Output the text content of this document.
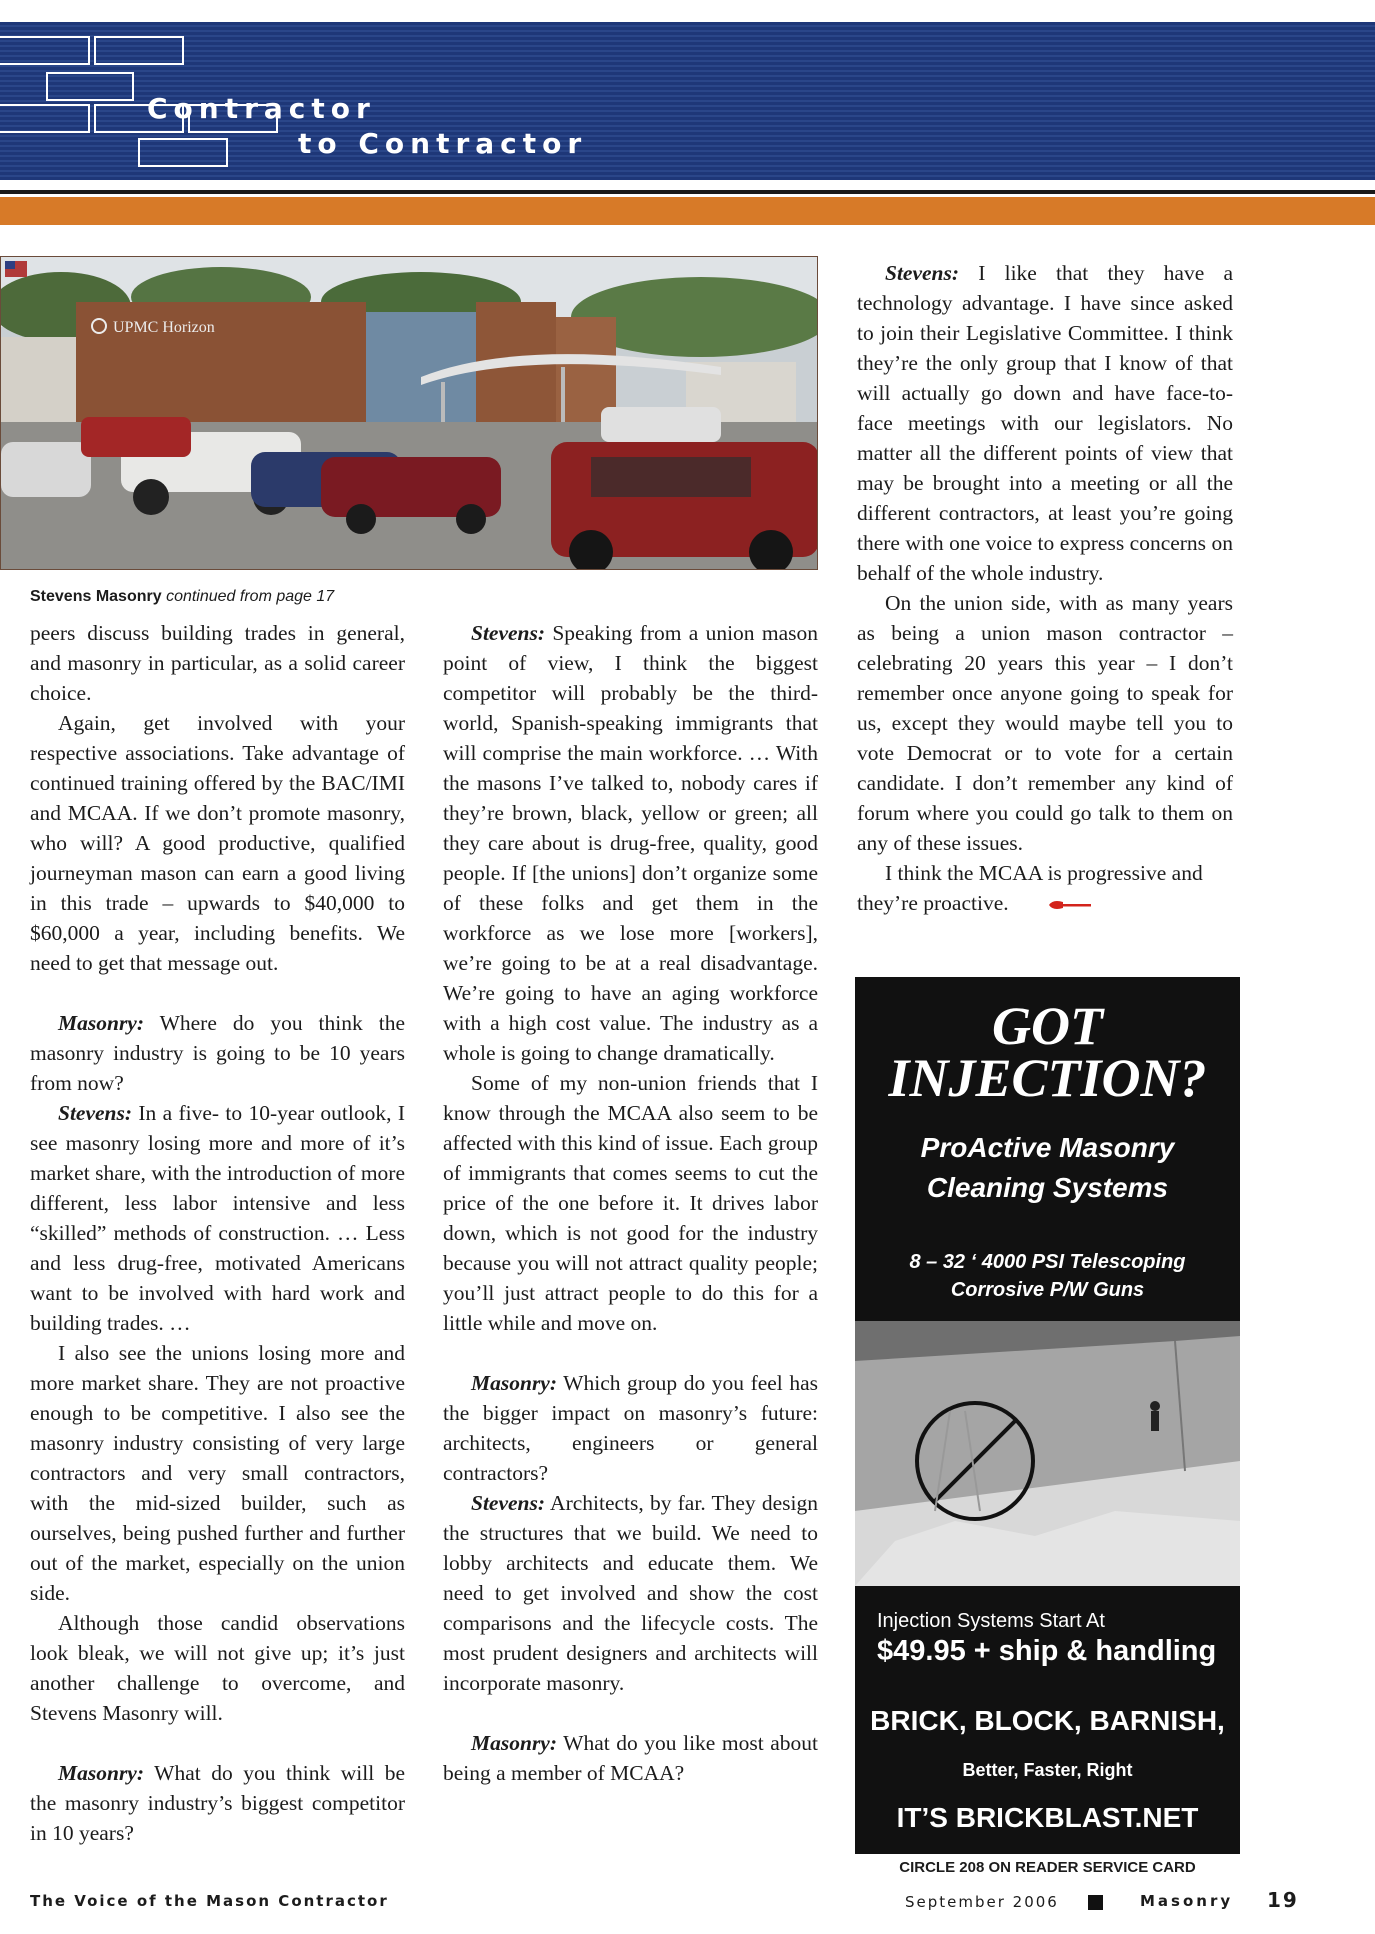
Contractor
to Contractor
UPMC Horizon
Stevens Masonry continued from page 17

peers discuss building trades in general, and masonry in particular, as a solid career choice.

Again, get involved with your respective associations. Take advantage of continued training offered by the BAC/IMI and MCAA. If we don’t promote masonry, who will? A good productive, qualified journeyman mason can earn a good living in this trade – upwards to $40,000 to $60,000 a year, including benefits. We need to get that message out.

Masonry: Where do you think the masonry industry is going to be 10 years from now?

Stevens: In a five- to 10-year outlook, I see masonry losing more and more of it’s market share, with the introduction of more different, less labor intensive and less “skilled” methods of construction. … Less and less drug-free, motivated Americans want to be involved with hard work and building trades. …

I also see the unions losing more and more market share. They are not proactive enough to be competitive. I also see the masonry industry consisting of very large contractors and very small contractors, with the mid-sized builder, such as ourselves, being pushed further and further out of the market, especially on the union side.

Although those candid observations look bleak, we will not give up; it’s just another challenge to overcome, and Stevens Masonry will.

Masonry: What do you think will be the masonry industry’s biggest competitor in 10 years?

Stevens: Speaking from a union mason point of view, I think the biggest competitor will probably be the third-world, Spanish-speaking immigrants that will comprise the main workforce. … With the masons I’ve talked to, nobody cares if they’re brown, black, yellow or green; all they care about is drug-free, quality, good people. If [the unions] don’t organize some of these folks and get them in the workforce as we lose more [workers], we’re going to be at a real disadvantage. We’re going to have an aging workforce with a high cost value. The industry as a whole is going to change dramatically.

Some of my non-union friends that I know through the MCAA also seem to be affected with this kind of issue. Each group of immigrants that comes seems to cut the price of the one before it. It drives labor down, which is not good for the industry because you will not attract quality people; you’ll just attract people to do this for a little while and move on.

Masonry: Which group do you feel has the bigger impact on masonry’s future: architects, engineers or general contractors?

Stevens: Architects, by far. They design the structures that we build. We need to lobby architects and educate them. We need to get involved and show the cost comparisons and the lifecycle costs. The most prudent designers and architects will incorporate masonry.

Masonry: What do you like most about being a member of MCAA?

Stevens: I like that they have a technology advantage. I have since asked to join their Legislative Committee. I think they’re the only group that I know of that will actually go down and have face-to-face meetings with our legislators. No matter all the different points of view that may be brought into a meeting or all the different contractors, at least you’re going there with one voice to express concerns on behalf of the whole industry.

On the union side, with as many years as being a union mason contractor – celebrating 20 years this year – I don’t remember once anyone going to speak for us, except they would maybe tell you to vote Democrat or to vote for a certain candidate. I don’t remember any kind of forum where you could go talk to them on any of these issues.

I think the MCAA is progressive and they’re proactive.

GOT
INJECTION?
ProActive Masonry
Cleaning Systems
8 – 32 ‘ 4000 PSI Telescoping
Corrosive P/W Guns
Injection Systems Start At
$49.95 + ship & handling
BRICK, BLOCK, BARNISH,
Better, Faster, Right
IT’S BRICKBLAST.NET
CIRCLE 208 ON READER SERVICE CARD
The Voice of the Mason Contractor	September 2006	Masonry 19
